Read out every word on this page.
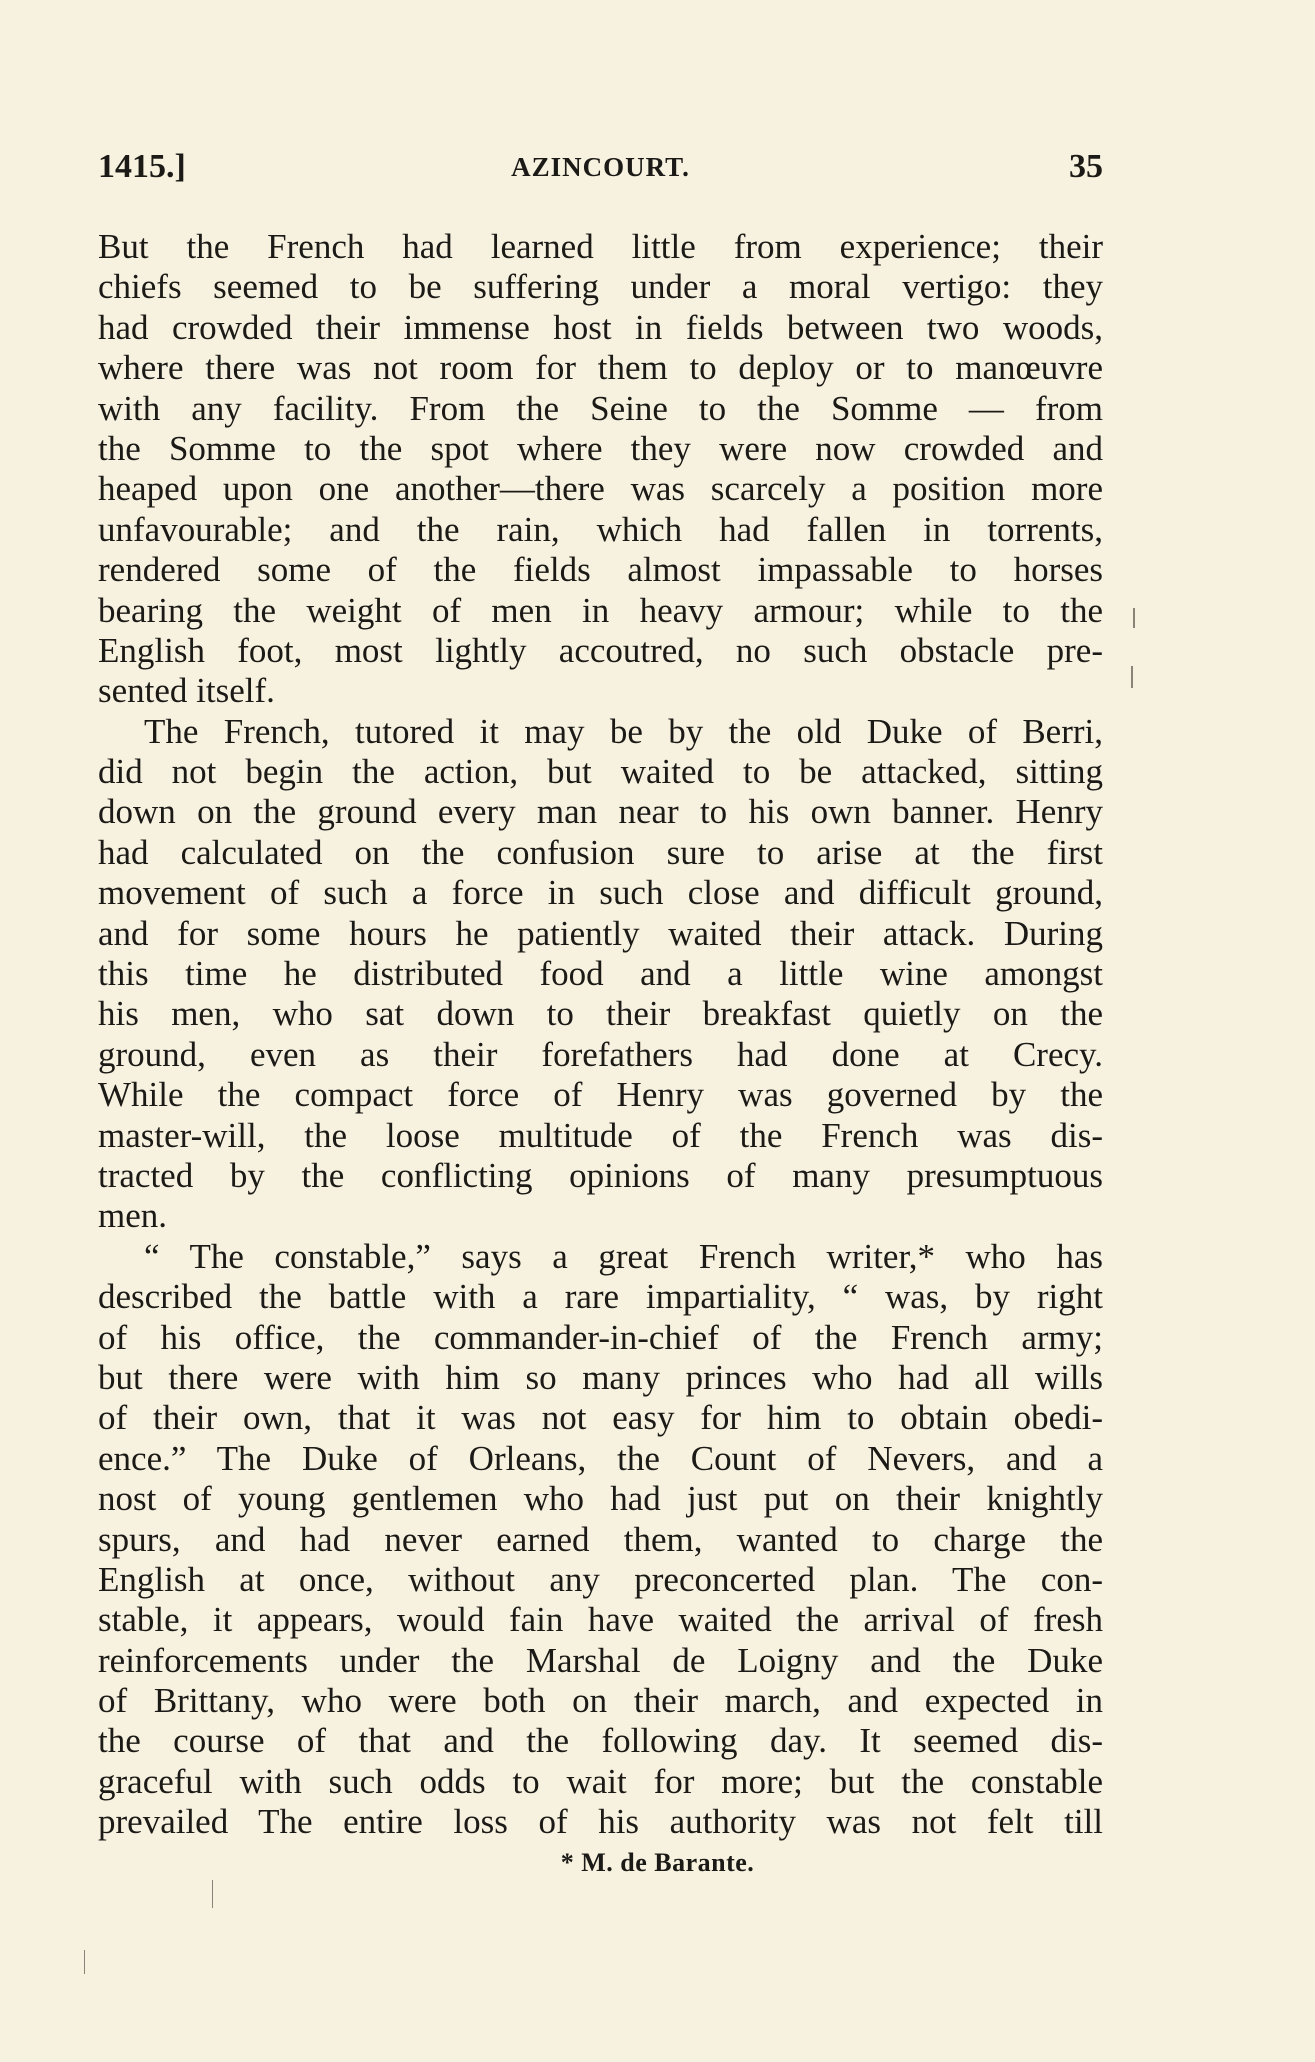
1415.]	AZINCOURT.	35
But the French had learned little from experience; their
chiefs seemed to be suffering under a moral vertigo: they
had crowded their immense host in fields between two woods,
where there was not room for them to deploy or to manœuvre
with any facility. From the Seine to the Somme — from
the Somme to the spot where they were now crowded and
heaped upon one another—there was scarcely a position more
unfavourable; and the rain, which had fallen in torrents,
rendered some of the fields almost impassable to horses
bearing the weight of men in heavy armour; while to the
English foot, most lightly accoutred, no such obstacle pre-
sented itself.
The French, tutored it may be by the old Duke of Berri,
did not begin the action, but waited to be attacked, sitting
down on the ground every man near to his own banner. Henry
had calculated on the confusion sure to arise at the first
movement of such a force in such close and difficult ground,
and for some hours he patiently waited their attack. During
this time he distributed food and a little wine amongst
his men, who sat down to their breakfast quietly on the
ground, even as their forefathers had done at Crecy.
While the compact force of Henry was governed by the
master-will, the loose multitude of the French was dis-
tracted by the conflicting opinions of many presumptuous
men.
“ The constable,” says a great French writer,* who has
described the battle with a rare impartiality, “ was, by right
of his office, the commander-in-chief of the French army;
but there were with him so many princes who had all wills
of their own, that it was not easy for him to obtain obedi-
ence.” The Duke of Orleans, the Count of Nevers, and a
nost of young gentlemen who had just put on their knightly
spurs, and had never earned them, wanted to charge the
English at once, without any preconcerted plan. The con-
stable, it appears, would fain have waited the arrival of fresh
reinforcements under the Marshal de Loigny and the Duke
of Brittany, who were both on their march, and expected in
the course of that and the following day. It seemed dis-
graceful with such odds to wait for more; but the constable
prevailed The entire loss of his authority was not felt till
* M. de Barante.
